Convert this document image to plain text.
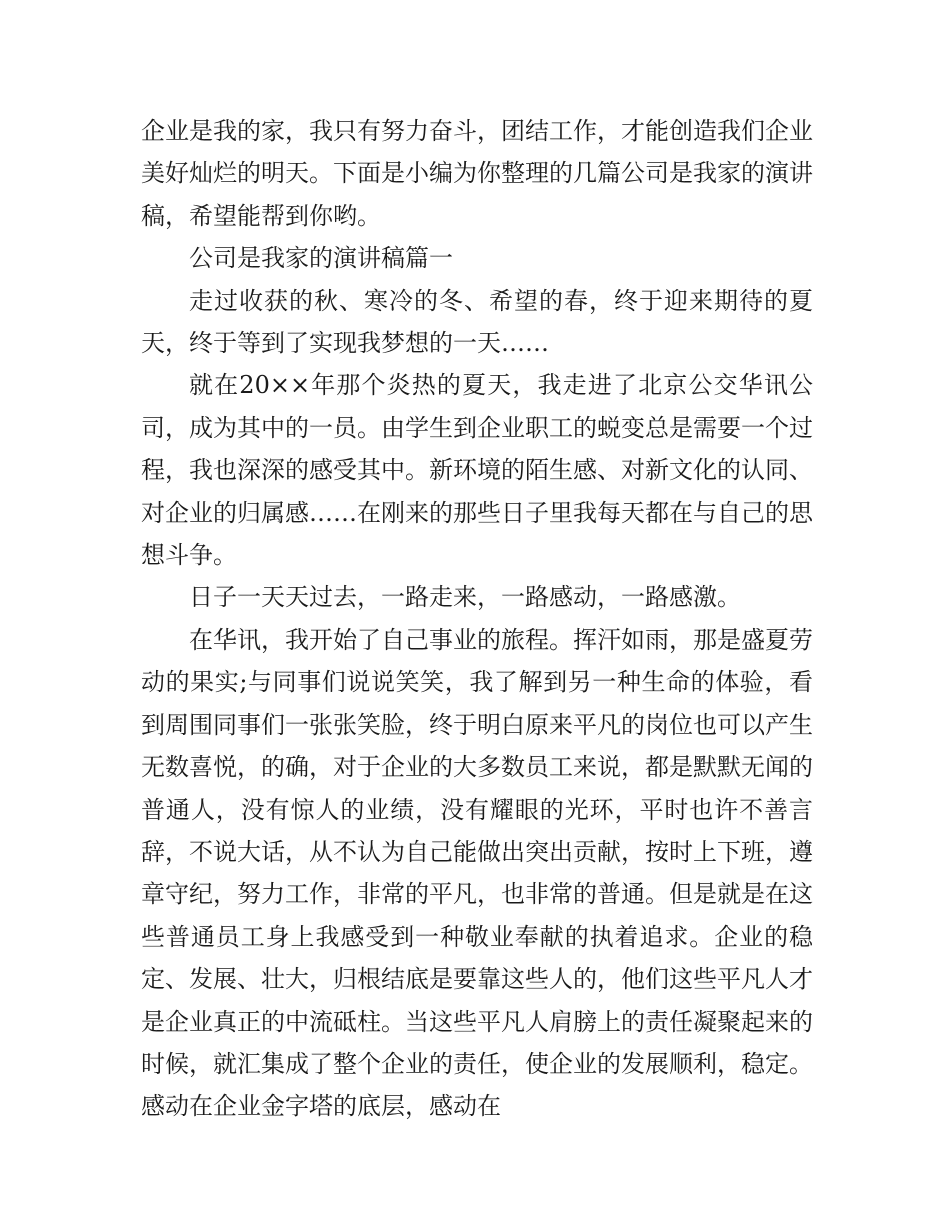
企业是我的家，我只有努力奋斗，团结工作，才能创造我们企业美好灿烂的明天。下面是小编为你整理的几篇公司是我家的演讲稿，希望能帮到你哟。

公司是我家的演讲稿篇一

走过收获的秋、寒冷的冬、希望的春，终于迎来期待的夏天，终于等到了实现我梦想的一天……

就在20××年那个炎热的夏天，我走进了北京公交华讯公司，成为其中的一员。由学生到企业职工的蜕变总是需要一个过程，我也深深的感受其中。新环境的陌生感、对新文化的认同、对企业的归属感……在刚来的那些日子里我每天都在与自己的思想斗争。

日子一天天过去，一路走来，一路感动，一路感激。

在华讯，我开始了自己事业的旅程。挥汗如雨，那是盛夏劳动的果实;与同事们说说笑笑，我了解到另一种生命的体验，看到周围同事们一张张笑脸，终于明白原来平凡的岗位也可以产生无数喜悦，的确，对于企业的大多数员工来说，都是默默无闻的普通人，没有惊人的业绩，没有耀眼的光环，平时也许不善言辞，不说大话，从不认为自己能做出突出贡献，按时上下班，遵章守纪，努力工作，非常的平凡，也非常的普通。但是就是在这些普通员工身上我感受到一种敬业奉献的执着追求。企业的稳定、发展、壮大，归根结底是要靠这些人的，他们这些平凡人才是企业真正的中流砥柱。当这些平凡人肩膀上的责任凝聚起来的时候，就汇集成了整个企业的责任，使企业的发展顺利，稳定。感动在企业金字塔的底层，感动在
